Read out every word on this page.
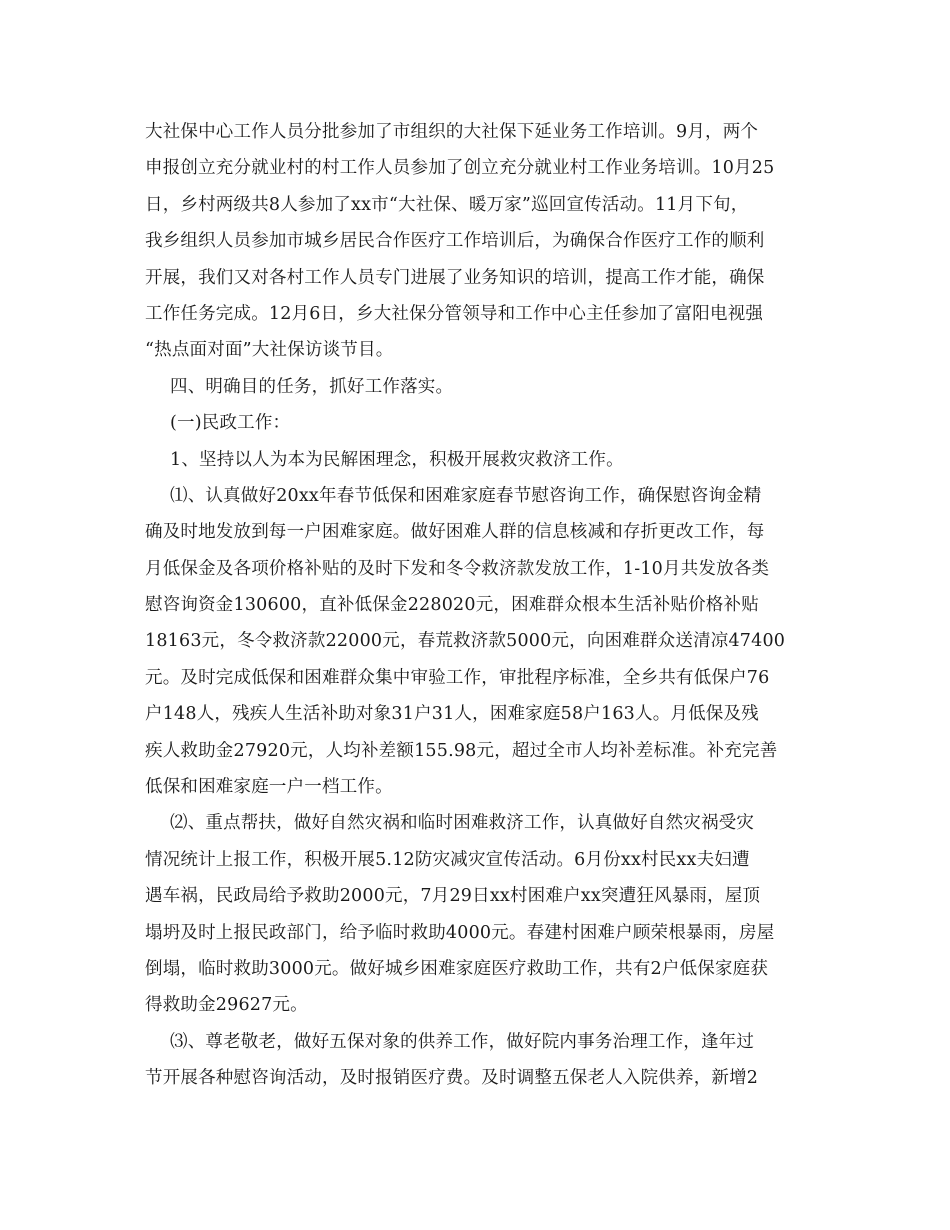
大社保中心工作人员分批参加了市组织的大社保下延业务工作培训。9月，两个
申报创立充分就业村的村工作人员参加了创立充分就业村工作业务培训。10月25
日，乡村两级共8人参加了xx市“大社保、暖万家”巡回宣传活动。11月下旬，
我乡组织人员参加市城乡居民合作医疗工作培训后，为确保合作医疗工作的顺利
开展，我们又对各村工作人员专门进展了业务知识的培训，提高工作才能，确保
工作任务完成。12月6日，乡大社保分管领导和工作中心主任参加了富阳电视强
“热点面对面”大社保访谈节目。
四、明确目的任务，抓好工作落实。
(一)民政工作：
1、坚持以人为本为民解困理念，积极开展救灾救济工作。
⑴、认真做好20xx年春节低保和困难家庭春节慰咨询工作，确保慰咨询金精
确及时地发放到每一户困难家庭。做好困难人群的信息核减和存折更改工作，每
月低保金及各项价格补贴的及时下发和冬令救济款发放工作，1-10月共发放各类
慰咨询资金130600，直补低保金228020元，困难群众根本生活补贴价格补贴
18163元，冬令救济款22000元，春荒救济款5000元，向困难群众送清凉47400
元。及时完成低保和困难群众集中审验工作，审批程序标准，全乡共有低保户76
户148人，残疾人生活补助对象31户31人，困难家庭58户163人。月低保及残
疾人救助金27920元，人均补差额155.98元，超过全市人均补差标准。补充完善
低保和困难家庭一户一档工作。
⑵、重点帮扶，做好自然灾祸和临时困难救济工作，认真做好自然灾祸受灾
情况统计上报工作，积极开展5.12防灾减灾宣传活动。6月份xx村民xx夫妇遭
遇车祸，民政局给予救助2000元，7月29日xx村困难户xx突遭狂风暴雨，屋顶
塌坍及时上报民政部门，给予临时救助4000元。春建村困难户顾荣根暴雨，房屋
倒塌，临时救助3000元。做好城乡困难家庭医疗救助工作，共有2户低保家庭获
得救助金29627元。
⑶、尊老敬老，做好五保对象的供养工作，做好院内事务治理工作，逢年过
节开展各种慰咨询活动，及时报销医疗费。及时调整五保老人入院供养，新增2
